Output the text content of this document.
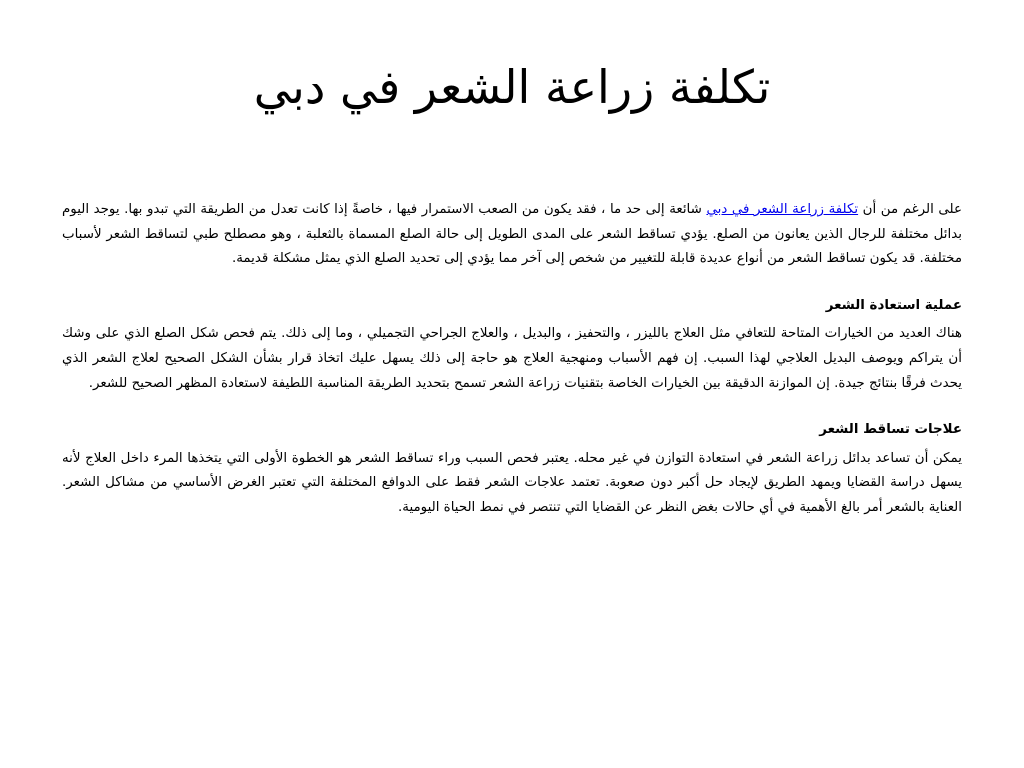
تكلفة زراعة الشعر في دبي

على الرغم من أن تكلفة زراعة الشعر في دبي شائعة إلى حد ما ، فقد يكون من الصعب الاستمرار فيها ، خاصةً إذا كانت تعدل من الطريقة التي تبدو بها. يوجد اليوم بدائل مختلفة للرجال الذين يعانون من الصلع. يؤدي تساقط الشعر على المدى الطويل إلى حالة الصلع المسماة بالثعلبة ، وهو مصطلح طبي لتساقط الشعر لأسباب مختلفة. قد يكون تساقط الشعر من أنواع عديدة قابلة للتغيير من شخص إلى آخر مما يؤدي إلى تحديد الصلع الذي يمثل مشكلة قديمة.

عملية استعادة الشعر

هناك العديد من الخيارات المتاحة للتعافي مثل العلاج بالليزر ، والتحفيز ، والبديل ، والعلاج الجراحي التجميلي ، وما إلى ذلك. يتم فحص شكل الصلع الذي على وشك أن يتراكم ويوصف البديل العلاجي لهذا السبب. إن فهم الأسباب ومنهجية العلاج هو حاجة إلى ذلك يسهل عليك اتخاذ قرار بشأن الشكل الصحيح لعلاج الشعر الذي يحدث فرقًا بنتائج جيدة. إن الموازنة الدقيقة بين الخيارات الخاصة بتقنيات زراعة الشعر تسمح بتحديد الطريقة المناسبة اللطيفة لاستعادة المظهر الصحيح للشعر.

علاجات تساقط الشعر

يمكن أن تساعد بدائل زراعة الشعر في استعادة التوازن في غير محله. يعتبر فحص السبب وراء تساقط الشعر هو الخطوة الأولى التي يتخذها المرء داخل العلاج لأنه يسهل دراسة القضايا ويمهد الطريق لإيجاد حل أكبر دون صعوبة. تعتمد علاجات الشعر فقط على الدوافع المختلفة التي تعتبر الغرض الأساسي من مشاكل الشعر. العناية بالشعر أمر بالغ الأهمية في أي حالات بغض النظر عن القضايا التي تنتصر في نمط الحياة اليومية.
